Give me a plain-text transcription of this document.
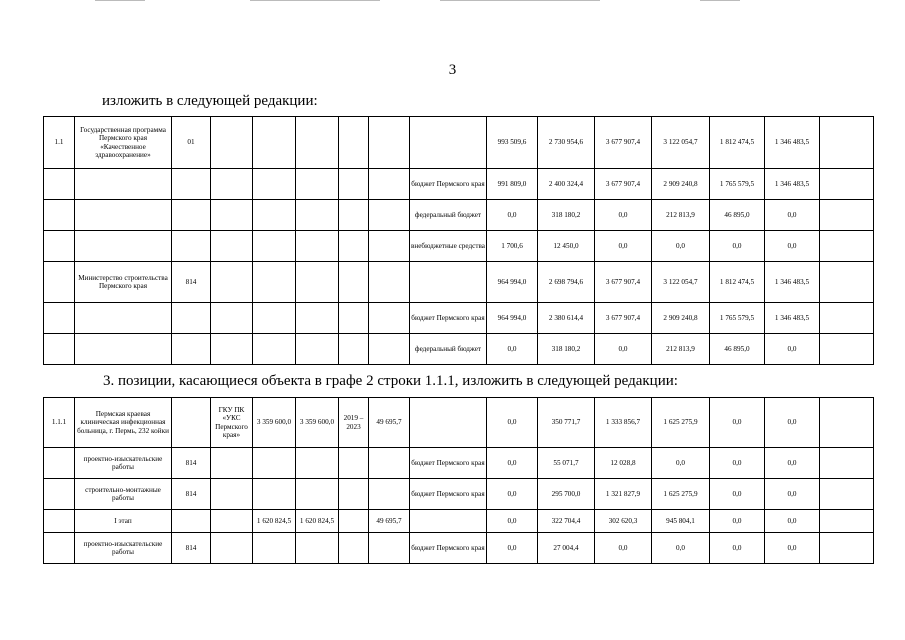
3
изложить в следующей редакции:
3. позиции, касающиеся объекта в графе 2 строки 1.1.1, изложить в следующей редакции:
1.1	Государственная программа Пермского края «Качественное здравоохранение»	01							993 509,6	2 730 954,6	3 677 907,4	3 122 054,7	1 812 474,5	1 346 483,5	
								бюджет Пермского края	991 809,0	2 400 324,4	3 677 907,4	2 909 240,8	1 765 579,5	1 346 483,5	
								федеральный бюджет	0,0	318 180,2	0,0	212 813,9	46 895,0	0,0	
								внебюджетные средства	1 700,6	12 450,0	0,0	0,0	0,0	0,0	
	Министерство строительства Пермского края	814							964 994,0	2 698 794,6	3 677 907,4	3 122 054,7	1 812 474,5	1 346 483,5	
								бюджет Пермского края	964 994,0	2 380 614,4	3 677 907,4	2 909 240,8	1 765 579,5	1 346 483,5	
								федеральный бюджет	0,0	318 180,2	0,0	212 813,9	46 895,0	0,0	
1.1.1	Пермская краевая клиническая инфекционная больница, г. Пермь, 232 койки		ГКУ ПК «УКС Пермского края»	3 359 600,0	3 359 600,0	2019 – 2023	49 695,7		0,0	350 771,7	1 333 856,7	1 625 275,9	0,0	0,0	
	проектно-изыскательские работы	814						бюджет Пермского края	0,0	55 071,7	12 028,8	0,0	0,0	0,0	
	строительно-монтажные работы	814						бюджет Пермского края	0,0	295 700,0	1 321 827,9	1 625 275,9	0,0	0,0	
	I этап			1 620 824,5	1 620 824,5		49 695,7		0,0	322 704,4	302 620,3	945 804,1	0,0	0,0	
	проектно-изыскательские работы	814						бюджет Пермского края	0,0	27 004,4	0,0	0,0	0,0	0,0	
